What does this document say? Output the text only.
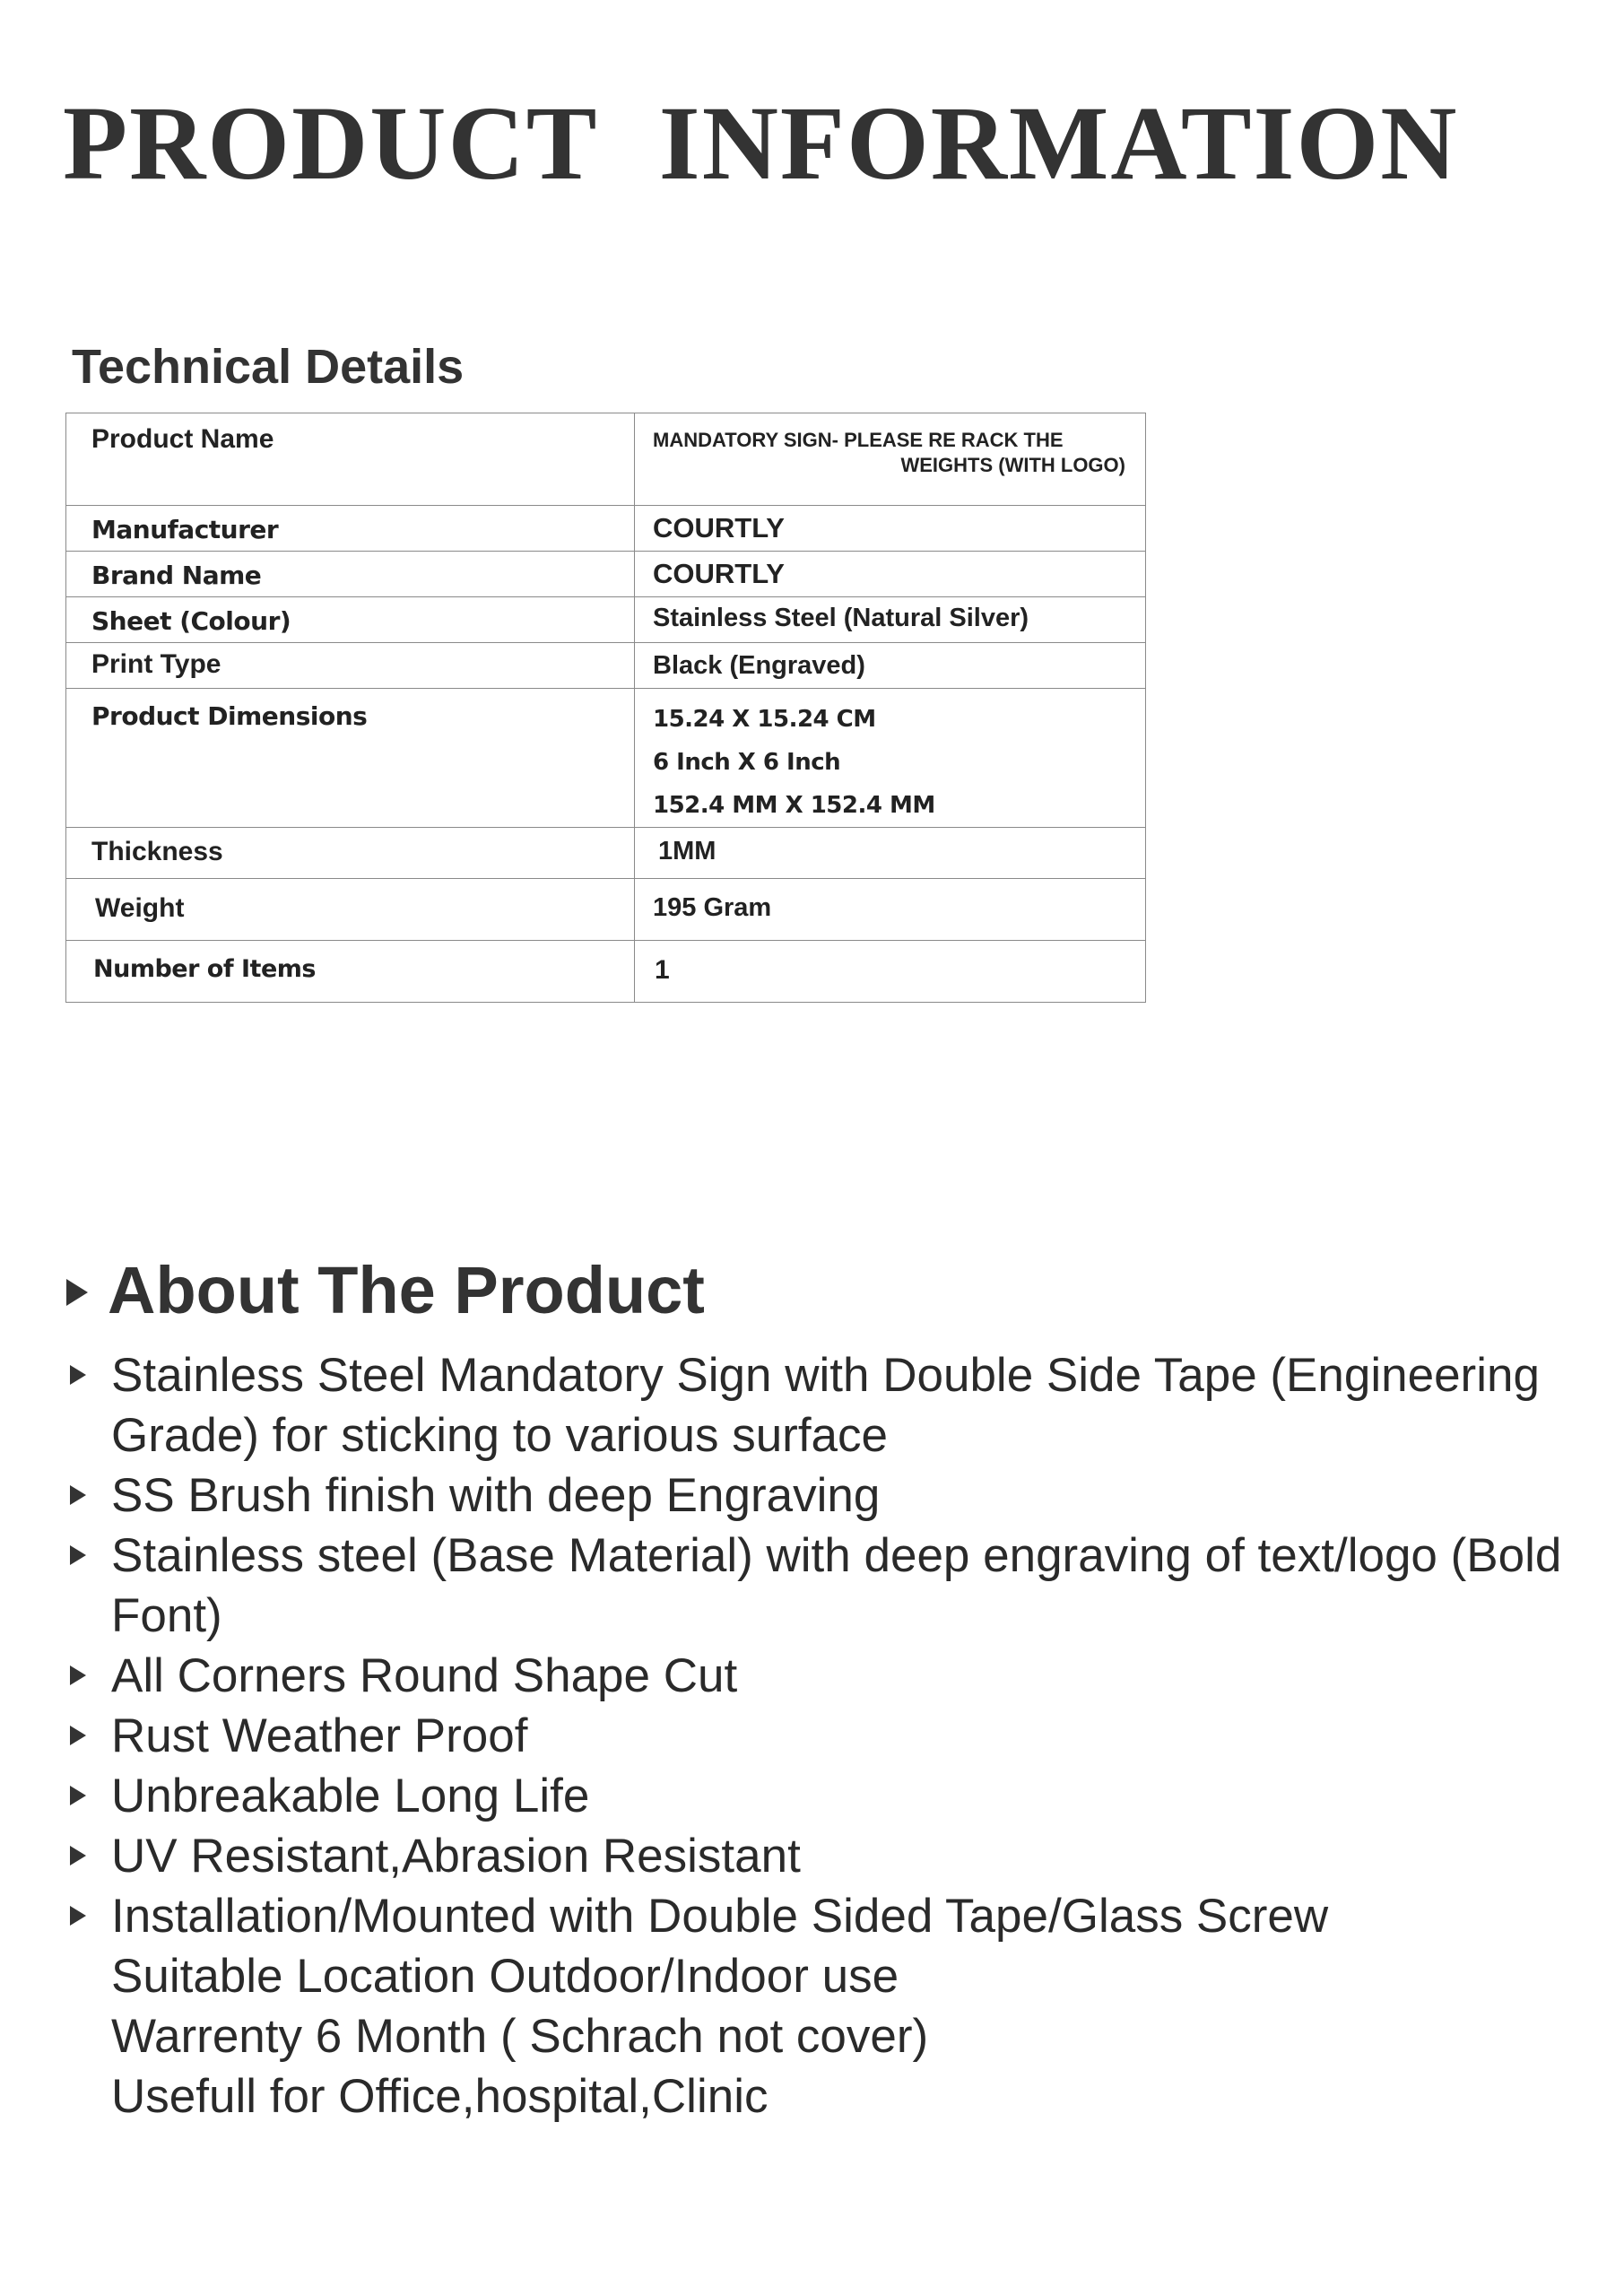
PRODUCT INFORMATION
Technical Details
Product Name	MANDATORY SIGN- PLEASE RE RACK THE
WEIGHTS (WITH LOGO)

Manufacturer	COURTLY

Brand Name	COURTLY

Sheet (Colour)	Stainless Steel (Natural Silver)

Print Type	Black (Engraved)

Product Dimensions	15.24 X 15.24 CM
6 Inch X 6 Inch
152.4 MM X 152.4 MM

Thickness	1MM

Weight	195 Gram

Number of Items	1
About The Product
Stainless Steel Mandatory Sign with Double Side Tape (Engineering Grade) for sticking to various surface
SS Brush finish with deep Engraving
Stainless steel (Base Material) with deep engraving of text/logo (Bold Font)
All Corners Round Shape Cut
Rust Weather Proof
Unbreakable Long Life
UV Resistant,Abrasion Resistant
Installation/Mounted with Double Sided Tape/Glass Screw
Suitable Location Outdoor/Indoor use
Warrenty 6 Month ( Schrach not cover)
Usefull for Office,hospital,Clinic
